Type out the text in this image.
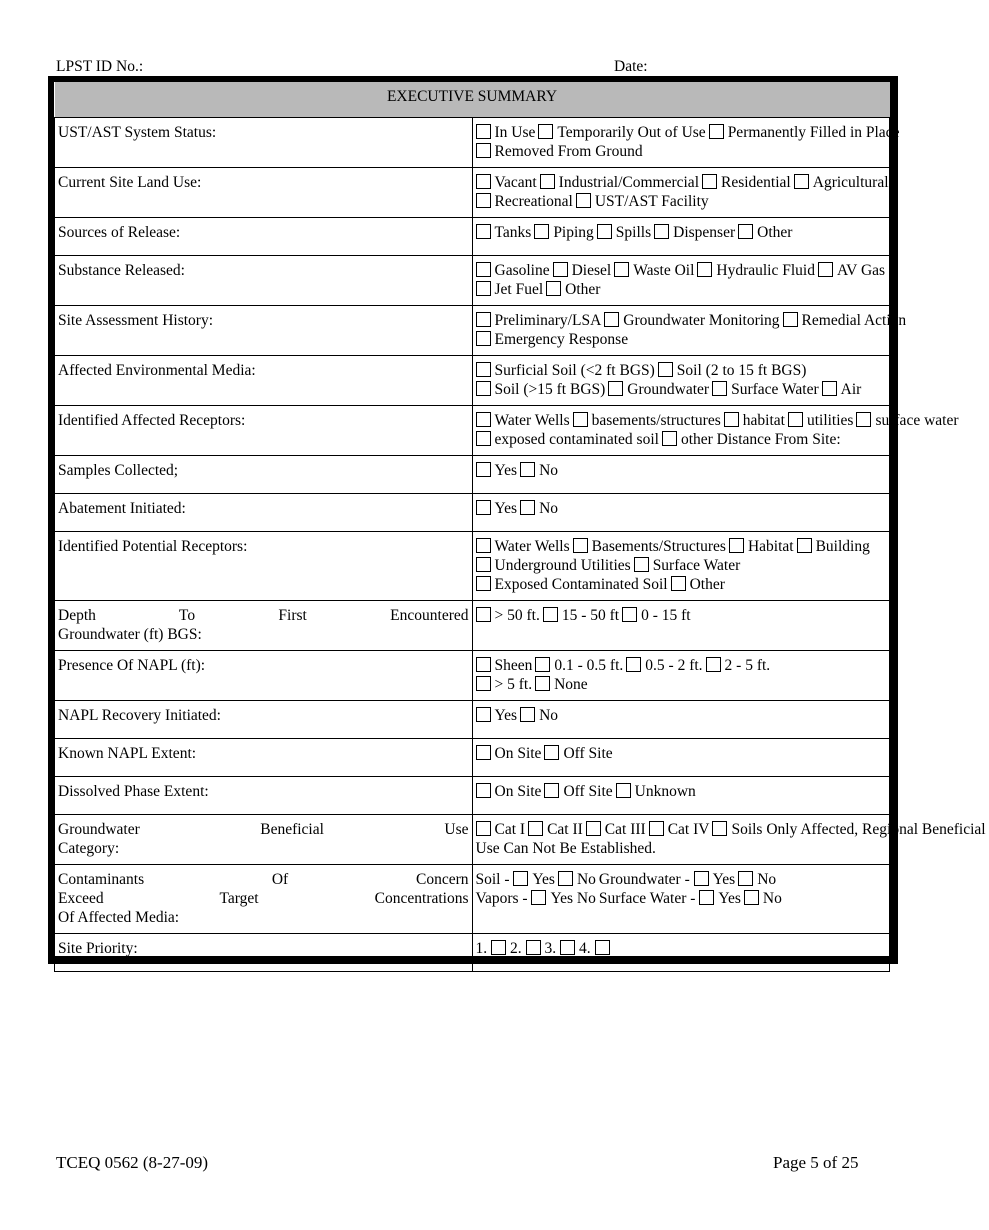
LPST ID No.:	Date:
EXECUTIVE SUMMARY	
UST/AST System Status:	In Use Temporarily Out of Use Permanently Filled in Place
Removed From Ground

Current Site Land Use:	Vacant Industrial/Commercial Residential Agricultural
Recreational UST/AST Facility

Sources of Release:	Tanks Piping Spills Dispenser Other

Substance Released:	Gasoline Diesel Waste Oil Hydraulic Fluid AV Gas
Jet Fuel Other

Site Assessment History:	Preliminary/LSA Groundwater Monitoring Remedial Action
Emergency Response

Affected Environmental Media:	Surficial Soil (<2 ft BGS) Soil (2 to 15 ft BGS)
Soil (>15 ft BGS) Groundwater Surface Water Air

Identified Affected Receptors:	Water Wells basements/structures habitat utilities surface water
exposed contaminated soil other Distance From Site:

Samples Collected;	Yes No

Abatement Initiated:	Yes No

Identified Potential Receptors:	Water Wells Basements/Structures Habitat Building
Underground Utilities Surface Water
Exposed Contaminated Soil Other

Depth To First Encountered
Groundwater (ft) BGS:	> 50 ft. 15 - 50 ft 0 - 15 ft

Presence Of NAPL (ft):	Sheen 0.1 - 0.5 ft. 0.5 - 2 ft. 2 - 5 ft.
> 5 ft. None

NAPL Recovery Initiated:	Yes No

Known NAPL Extent:	On Site Off Site

Dissolved Phase Extent:	On Site Off Site Unknown

Groundwater Beneficial Use
Category:	Cat I Cat II Cat III Cat IV Soils Only Affected, Regional Beneficial
Use Can Not Be Established.

Contaminants Of Concern
Exceed Target Concentrations
Of Affected Media:	Soil - Yes No Groundwater - Yes No
Vapors - Yes No Surface Water - Yes No

Site Priority:	1. 2. 3. 4.
TCEQ 0562 (8-27-09)	Page 5 of 25
